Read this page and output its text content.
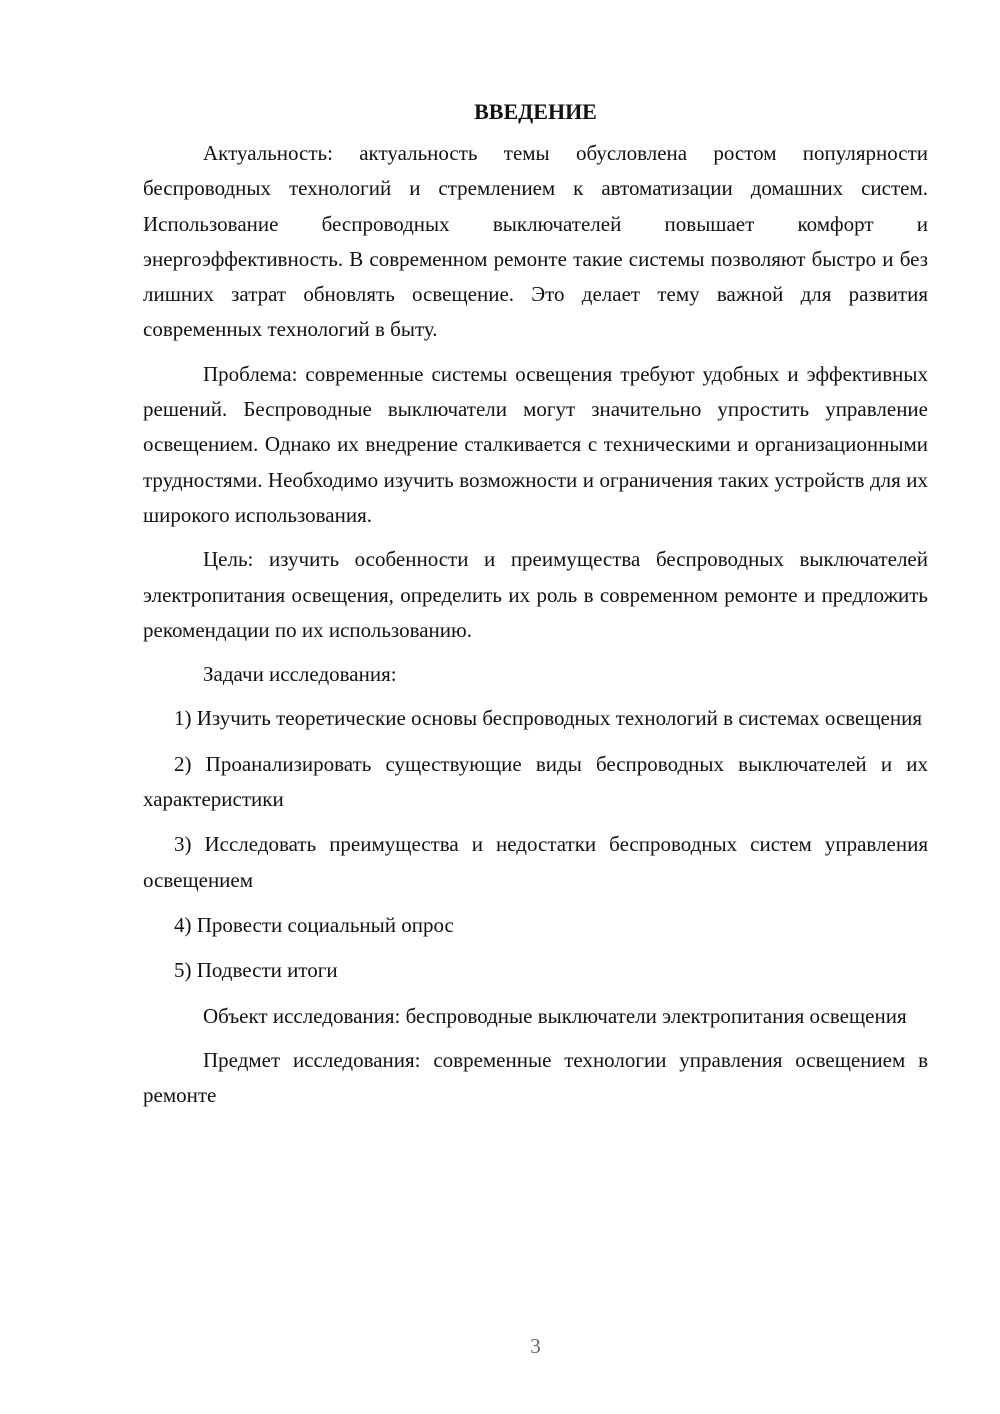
ВВЕДЕНИЕ

Актуальность: актуальность темы обусловлена ростом популярности беспроводных технологий и стремлением к автоматизации домашних систем. Использование беспроводных выключателей повышает комфорт и энергоэффективность. В современном ремонте такие системы позволяют быстро и без лишних затрат обновлять освещение. Это делает тему важной для развития современных технологий в быту.

Проблема: современные системы освещения требуют удобных и эффективных решений. Беспроводные выключатели могут значительно упростить управление освещением. Однако их внедрение сталкивается с техническими и организационными трудностями. Необходимо изучить возможности и ограничения таких устройств для их широкого использования.

Цель: изучить особенности и преимущества беспроводных выключателей электропитания освещения, определить их роль в современном ремонте и предложить рекомендации по их использованию.

Задачи исследования:

1) Изучить теоретические основы беспроводных технологий в системах освещения

2) Проанализировать существующие виды беспроводных выключателей и их характеристики

3) Исследовать преимущества и недостатки беспроводных систем управления освещением

4) Провести социальный опрос

5) Подвести итоги

Объект исследования: беспроводные выключатели электропитания освещения

Предмет исследования: современные технологии управления освещением в ремонте

3
